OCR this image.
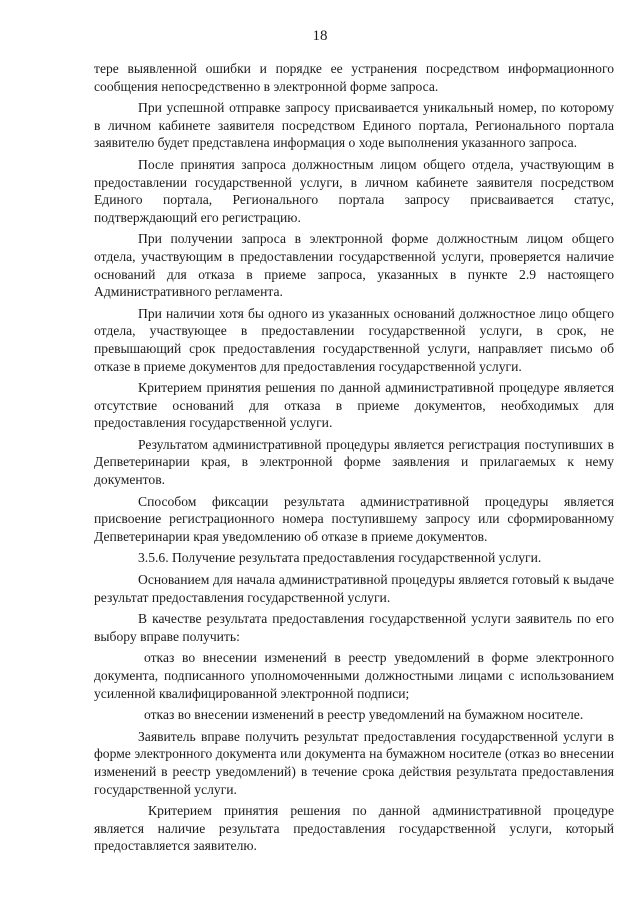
18

тере выявленной ошибки и порядке ее устранения посредством информационного сообщения непосредственно в электронной форме запроса.

При успешной отправке запросу присваивается уникальный номер, по которому в личном кабинете заявителя посредством Единого портала, Регионального портала заявителю будет представлена информация о ходе выполнения указанного запроса.

После принятия запроса должностным лицом общего отдела, участвующим в предоставлении государственной услуги, в личном кабинете заявителя посредством Единого портала, Регионального портала запросу присваивается статус, подтверждающий его регистрацию.

При получении запроса в электронной форме должностным лицом общего отдела, участвующим в предоставлении государственной услуги, проверяется наличие оснований для отказа в приеме запроса, указанных в пункте 2.9 настоящего Административного регламента.

При наличии хотя бы одного из указанных оснований должностное лицо общего отдела, участвующее в предоставлении государственной услуги, в срок, не превышающий срок предоставления государственной услуги, направляет письмо об отказе в приеме документов для предоставления государственной услуги.

Критерием принятия решения по данной административной процедуре является отсутствие оснований для отказа в приеме документов, необходимых для предоставления государственной услуги.

Результатом административной процедуры является регистрация поступивших в Депветеринарии края, в электронной форме заявления и прилагаемых к нему документов.

Способом фиксации результата административной процедуры является присвоение регистрационного номера поступившему запросу или сформированному Депветеринарии края уведомлению об отказе в приеме документов.

3.5.6. Получение результата предоставления государственной услуги.

Основанием для начала административной процедуры является готовый к выдаче результат предоставления государственной услуги.

В качестве результата предоставления государственной услуги заявитель по его выбору вправе получить:

отказ во внесении изменений в реестр уведомлений в форме электронного документа, подписанного уполномоченными должностными лицами с использованием усиленной квалифицированной электронной подписи;

отказ во внесении изменений в реестр уведомлений на бумажном носителе.

Заявитель вправе получить результат предоставления государственной услуги в форме электронного документа или документа на бумажном носителе (отказ во внесении изменений в реестр уведомлений) в течение срока действия результата предоставления государственной услуги.

Критерием принятия решения по данной административной процедуре является наличие результата предоставления государственной услуги, который предоставляется заявителю.
